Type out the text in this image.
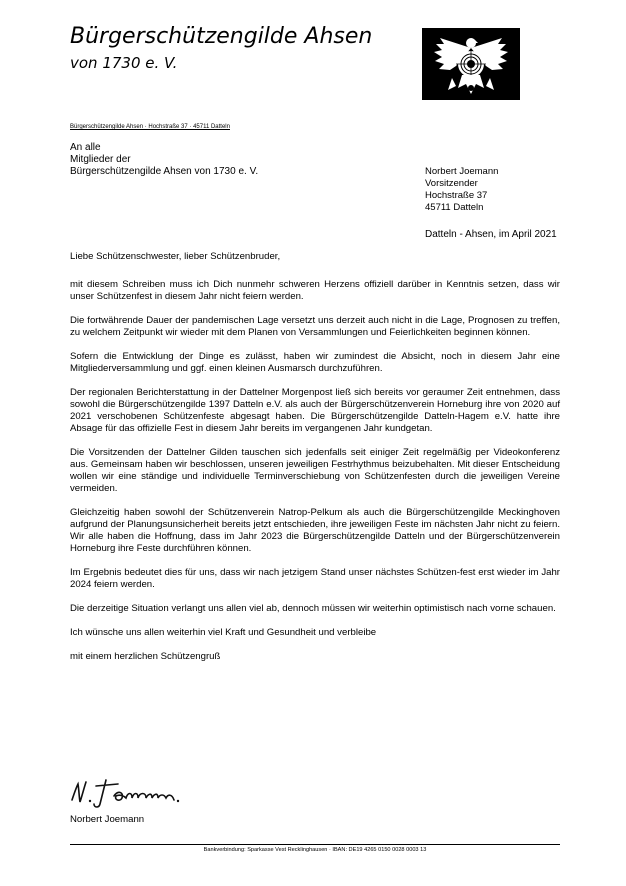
Bürgerschützengilde Ahsen
von 1730 e. V.
Bürgerschützengilde Ahsen · Hochstraße 37 · 45711 Datteln
An alle
Mitglieder der
Bürgerschützengilde Ahsen von 1730 e. V.	Norbert Joemann
Vorsitzender
Hochstraße 37
45711 Datteln
Datteln - Ahsen, im April 2021

Liebe Schützenschwester, lieber Schützenbruder,

mit diesem Schreiben muss ich Dich nunmehr schweren Herzens offiziell darüber in Kenntnis setzen, dass wir unser Schützenfest in diesem Jahr nicht feiern werden.

Die fortwährende Dauer der pandemischen Lage versetzt uns derzeit auch nicht in die Lage, Prognosen zu treffen, zu welchem Zeitpunkt wir wieder mit dem Planen von Versammlungen und Feierlichkeiten beginnen können.

Sofern die Entwicklung der Dinge es zulässt, haben wir zumindest die Absicht, noch in diesem Jahr eine Mitgliederversammlung und ggf. einen kleinen Ausmarsch durchzuführen.

Der regionalen Berichterstattung in der Dattelner Morgenpost ließ sich bereits vor geraumer Zeit entnehmen, dass sowohl die Bürgerschützengilde 1397 Datteln e.V. als auch der Bürgerschützenverein Horneburg ihre von 2020 auf 2021 verschobenen Schützenfeste abgesagt haben. Die Bürgerschützengilde Datteln-Hagem e.V. hatte ihre Absage für das offizielle Fest in diesem Jahr bereits im vergangenen Jahr kundgetan.

Die Vorsitzenden der Dattelner Gilden tauschen sich jedenfalls seit einiger Zeit regelmäßig per Videokonferenz aus. Gemeinsam haben wir beschlossen, unseren jeweiligen Festrhythmus beizubehalten. Mit dieser Entscheidung wollen wir eine ständige und individuelle Terminverschiebung von Schützenfesten durch die jeweiligen Vereine vermeiden.

Gleichzeitig haben sowohl der Schützenverein Natrop-Pelkum als auch die Bürgerschützengilde Meckinghoven aufgrund der Planungsunsicherheit bereits jetzt entschieden, ihre jeweiligen Feste im nächsten Jahr nicht zu feiern. Wir alle haben die Hoffnung, dass im Jahr 2023 die Bürgerschützengilde Datteln und der Bürgerschützenverein Horneburg ihre Feste durchführen können.

Im Ergebnis bedeutet dies für uns, dass wir nach jetzigem Stand unser nächstes Schützen-fest erst wieder im Jahr 2024 feiern werden.

Die derzeitige Situation verlangt uns allen viel ab, dennoch müssen wir weiterhin optimistisch nach vorne schauen.

Ich wünsche uns allen weiterhin viel Kraft und Gesundheit und verbleibe

mit einem herzlichen Schützengruß

Norbert Joemann
Bankverbindung: Sparkasse Vest Recklinghausen · IBAN: DE19 4265 0150 0028 0003 13
